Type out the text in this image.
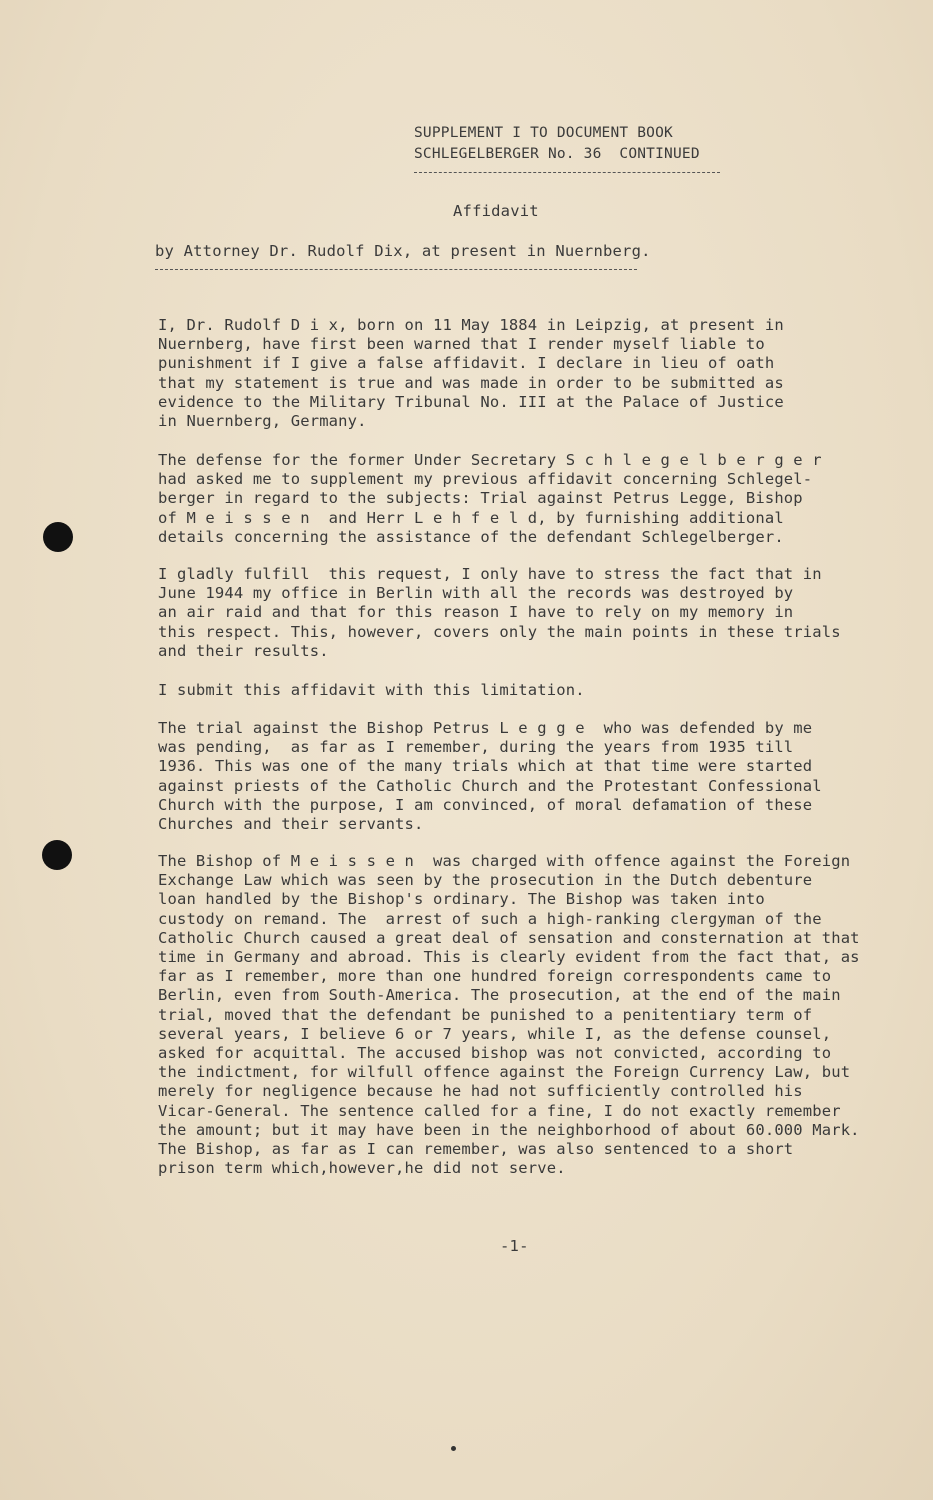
SUPPLEMENT I TO DOCUMENT BOOK
SCHLEGELBERGER No. 36  CONTINUED
Affidavit
by Attorney Dr. Rudolf Dix, at present in Nuernberg.
I, Dr. Rudolf D i x, born on 11 May 1884 in Leipzig, at present in
Nuernberg, have first been warned that I render myself liable to
punishment if I give a false affidavit. I declare in lieu of oath
that my statement is true and was made in order to be submitted as
evidence to the Military Tribunal No. III at the Palace of Justice
in Nuernberg, Germany.
The defense for the former Under Secretary S c h l e g e l b e r g e r
had asked me to supplement my previous affidavit concerning Schlegel-
berger in regard to the subjects: Trial against Petrus Legge, Bishop
of M e i s s e n  and Herr L e h f e l d, by furnishing additional
details concerning the assistance of the defendant Schlegelberger.
I gladly fulfill  this request, I only have to stress the fact that in
June 1944 my office in Berlin with all the records was destroyed by
an air raid and that for this reason I have to rely on my memory in
this respect. This, however, covers only the main points in these trials
and their results.
I submit this affidavit with this limitation.
The trial against the Bishop Petrus L e g g e  who was defended by me
was pending,  as far as I remember, during the years from 1935 till
1936. This was one of the many trials which at that time were started
against priests of the Catholic Church and the Protestant Confessional
Church with the purpose, I am convinced, of moral defamation of these
Churches and their servants.
The Bishop of M e i s s e n  was charged with offence against the Foreign
Exchange Law which was seen by the prosecution in the Dutch debenture
loan handled by the Bishop's ordinary. The Bishop was taken into
custody on remand. The  arrest of such a high-ranking clergyman of the
Catholic Church caused a great deal of sensation and consternation at that
time in Germany and abroad. This is clearly evident from the fact that, as
far as I remember, more than one hundred foreign correspondents came to
Berlin, even from South-America. The prosecution, at the end of the main
trial, moved that the defendant be punished to a penitentiary term of
several years, I believe 6 or 7 years, while I, as the defense counsel,
asked for acquittal. The accused bishop was not convicted, according to
the indictment, for wilfull offence against the Foreign Currency Law, but
merely for negligence because he had not sufficiently controlled his
Vicar-General. The sentence called for a fine, I do not exactly remember
the amount; but it may have been in the neighborhood of about 60.000 Mark.
The Bishop, as far as I can remember, was also sentenced to a short
prison term which,however,he did not serve.
-1-
